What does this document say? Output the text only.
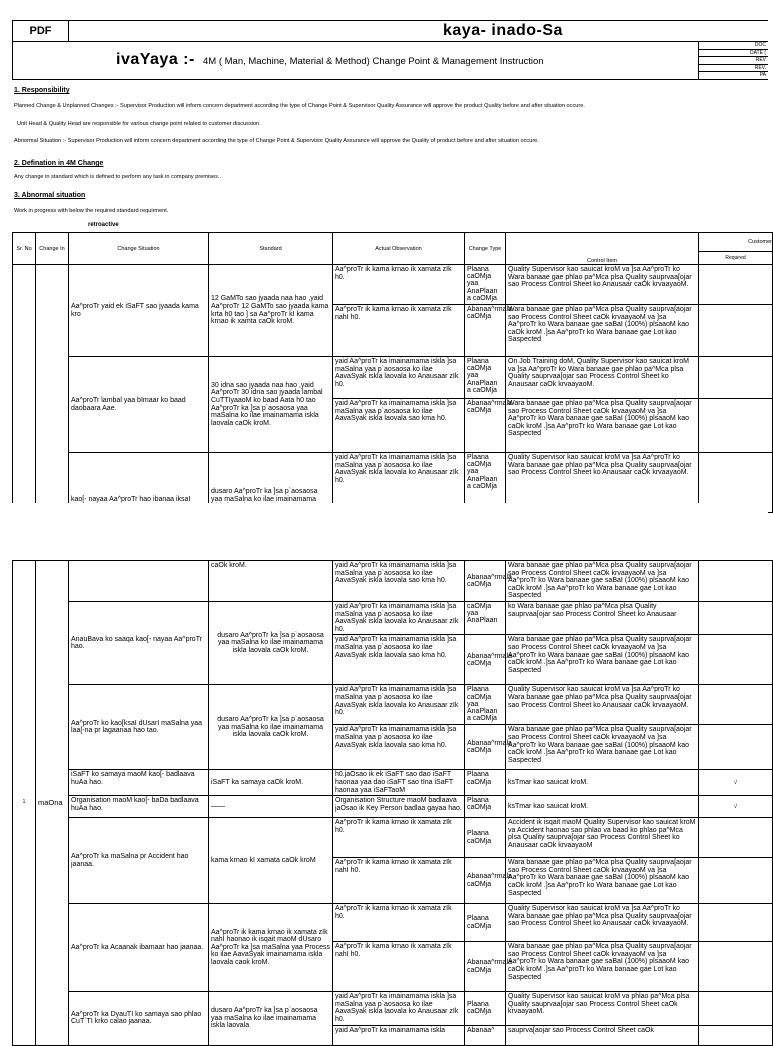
PDF	kaya- inado-Sa
ivaYaya :- 4M ( Man, Machine, Material & Method) Change Point & Management Instruction
DOC
DATE (
REV
REV.
PA
1. Responsibility
Planned Change & Unplanned Changes :- Supervisor Production will inform concern department according the type of Change Point & Supervisor Quality Assurance will approve the product Quality before and after situation occure.
Unit Head & Quality Head are responsible for various change point related to customer discussion.
Abnormal Situation :- Supervisor Production will inform concern department according the type of Change Point & Supervisor Quality Assurance will approve the Quality of product before and after situation occure.
2. Defination in 4M Change
Any change in standard which is defined to perform any task in company premises..
3. Abnormal situation
Work in progress with below the required standard requirment.
retroactive
Sr. No	Change In	Change Situation	Standard	Actual Observation	Change Type	Control Item	Customer
							Required
		Aa^proTr yaid ek iSaFT sao jyaada kama kro	12 GaMTo sao jyaada naa hao ,yaid Aa^proTr 12 GaMTo sao jyaada kama krta h0 tao ] sa Aa^proTr kI kama krnao ik xamta caOk kroM.	Aa^proTr ik kama krnao ik xamata zIk h0.	Plaana caOMja yaa AnaPlaan a caOMja	Quality Supervisor kao sauicat kroM va ]sa Aa^proTr ko Wara banaae gae phlao pa^Mca plsa Quality sauprvaa[ojar sao Process Control Sheet ko Anausaar caOk krvaayaoM.	
				Aa^proTr ik kama krnao ik xamata zIk nahI h0.	Abanaa^rmala caOMja	Wara banaae gae phlao pa^Mca plsa Quality sauprva[aojar sao Process Control Sheet caOk krvaayaoM va ]sa Aa^proTr ko Wara banaae gae saBaI (100%) plsaaoM kao caOk kroM .]sa Aa^proTr ko Wara banaae gae Lot kao Saspected	
		Aa^proTr lambal yaa bImaar ko baad daobaara Aae.	30 idna sao jyaada naa hao ,yaid Aa^proTr 30 idna sao jyaada lambal CuTTIyaaoM ko baad Aata h0 tao Aa^proTr ka ]sa p`aosaosa yaa maSalna ko ilae imainamama iskla laovala caOk kroM.	yaid Aa^proTr ka imainamama iskla ]sa maSalna yaa p`aosaosa ko ilae AavaSyak iskla laovala ko Anausaar zIk h0.	Plaana caOMja yaa AnaPlaan a caOMja	On Job Training doM, Quality Supervisor kao sauicat kroM va ]sa Aa^proTr ko Wara banaae gae phlao pa^Mca plsa Quality sauprvaa[ojar sao Process Control Sheet ko Anausaar caOk krvaayaoM.	
				yaid Aa^proTr ka imainamama iskla ]sa maSalna yaa p`aosaosa ko ilae AavaSyak iskla laovala sao kma h0.	Abanaa^rmala caOMja	Wara banaae gae phlao pa^Mca plsa Quality sauprva[aojar sao Process Control Sheet caOk krvaayaoM va ]sa Aa^proTr ko Wara banaae gae saBaI (100%) plsaaoM kao caOk kroM .]sa Aa^proTr ko Wara banaae gae Lot kao Saspected	
		kao[- nayaa Aa^proTr hao ibanaa iksaI	dusaro Aa^proTr ka ]sa p`aosaosa yaa maSalna ko ilae imainamama	yaid Aa^proTr ka imainamama iskla ]sa maSalna yaa p`aosaosa ko ilae AavaSyak iskla laovala ko Anausaar zIk h0.	Plaana caOMja yaa AnaPlaan a caOMja	Quality Supervisor kao sauicat kroM va ]sa Aa^proTr ko Wara banaae gae phlao pa^Mca plsa Quality sauprvaa[ojar sao Process Control Sheet ko Anausaar caOk krvaayaoM.	
1	maOna		caOk kroM.	yaid Aa^proTr ka imainamama iskla ]sa maSalna yaa p`aosaosa ko ilae AavaSyak iskla laovala sao kma h0.	Abanaa^rmala caOMja	Wara banaae gae phlao pa^Mca plsa Quality sauprva[aojar sao Process Control Sheet caOk krvaayaoM va ]sa Aa^proTr ko Wara banaae gae saBaI (100%) plsaaoM kao caOk kroM .]sa Aa^proTr ko Wara banaae gae Lot kao Saspected	
		AnauBava ko saaqa kao[- nayaa Aa^proTr hao.	dusaro Aa^proTr ka ]sa p`aosaosa yaa maSalna ko ilae imainamama iskla laovala caOk kroM.	yaid Aa^proTr ka imainamama iskla ]sa maSalna yaa p`aosaosa ko ilae AavaSyak iskla laovala ko Anausaar zIk h0.	caOMja yaa AnaPlaan	ko Wara banaae gae phlao pa^Mca plsa Quality sauprvaa[ojar sao Process Control Sheet ko Anausaar	
				yaid Aa^proTr ka imainamama iskla ]sa maSalna yaa p`aosaosa ko ilae AavaSyak iskla laovala sao kma h0.	Abanaa^rmala caOMja	Wara banaae gae phlao pa^Mca plsa Quality sauprva[aojar sao Process Control Sheet caOk krvaayaoM va ]sa Aa^proTr ko Wara banaae gae saBaI (100%) plsaaoM kao caOk kroM .]sa Aa^proTr ko Wara banaae gae Lot kao Saspected	
		Aa^proTr ko kao[ksaI dUsarI maSalna yaa laa[-na pr lagaanaa hao tao.	dusaro Aa^proTr ka ]sa p`aosaosa yaa maSalna ko ilae imainamama iskla laovala caOk kroM.	yaid Aa^proTr ka imainamama iskla ]sa maSalna yaa p`aosaosa ko ilae AavaSyak iskla laovala ko Anausaar zIk h0.	Plaana caOMja yaa AnaPlaan a caOMja	Quality Supervisor kao sauicat kroM va ]sa Aa^proTr ko Wara banaae gae phlao pa^Mca plsa Quality sauprvaa[ojar sao Process Control Sheet ko Anausaar caOk krvaayaoM.	
				yaid Aa^proTr ka imainamama iskla ]sa maSalna yaa p`aosaosa ko ilae AavaSyak iskla laovala sao kma h0.	Abanaa^rmala caOMja	Wara banaae gae phlao pa^Mca plsa Quality sauprva[aojar sao Process Control Sheet caOk krvaayaoM va ]sa Aa^proTr ko Wara banaae gae saBaI (100%) plsaaoM kao caOk kroM .]sa Aa^proTr ko Wara banaae gae Lot kao Saspected	
		iSaFT ko samaya maoM kao[- badlaava huAa hao.	iSaFT ka samaya caOk kroM.	h0.jaOsao ik ek iSaFT sao dao iSaFT haonaa yaa dao iSaFT sao tIna iSaFT haonaa yaa iSaFTaoM	Plaana caOMja	ksTmar kao sauicat kroM.	√
		Organisation maoM kao[- baDa badlaava huAa hao.	——	Organisation Structure maoM badlaava jaOsao ik Key Person badlaa gayaa hao.	Plaana caOMja	ksTmar kao sauicat kroM.	√
		Aa^proTr ka maSalna pr Accident hao jaanaa.	kama krnao kI xamata caOk kroM	Aa^proTr ik kama krnao ik xamata zIk h0.	Plaana caOMja	Accident ik isqait maoM Quality Supervisor kao sauicat kroM va Accident haonao sao phlao va baad ko phlao pa^Mca plsa Quality sauprva[ojar sao Process Control Sheet ko Anausaar caOk krvaayaoM	
				Aa^proTr ik kama krnao ik xamata zIk nahI h0.	Abanaa^rmala caOMja	Wara banaae gae phlao pa^Mca plsa Quality sauprva[aojar sao Process Control Sheet caOk krvaayaoM va ]sa Aa^proTr ko Wara banaae gae saBaI (100%) plsaaoM kao caOk kroM .]sa Aa^proTr ko Wara banaae gae Lot kao Saspected	
		Aa^proTr ka Acaanak ibamaar hao jaanaa.	Aa^proTr ik kama krnao ik xamata zIk nahI haonao ik isqait maoM dUsaro Aa^proTr ka ]sa maSalna yaa Process ko ilae AavaSyak imainamama iskla laovala caok kroM.	Aa^proTr ik kama krnao ik xamata zIk h0.	Plaana caOMja	Quality Supervisor kao sauicat kroM va ]sa Aa^proTr ko Wara banaae gae phlao pa^Mca plsa Quality sauprvaa[ojar sao Process Control Sheet ko Anausaar caOk krvaayaoM.	
				Aa^proTr ik kama krnao ik xamata zIk nahI h0.	Abanaa^rmala caOMja	Wara banaae gae phlao pa^Mca plsa Quality sauprva[aojar sao Process Control Sheet caOk krvaayaoM va ]sa Aa^proTr ko Wara banaae gae saBaI (100%) plsaaoM kao caOk kroM .]sa Aa^proTr ko Wara banaae gae Lot kao Saspected	
		Aa^proTr ka DyauTI ko samaya sao phlao CuT`TI krko calao jaanaa.	dusaro Aa^proTr ka ]sa p`aosaosa yaa maSalna ko ilae imainamama iskla laovala	yaid Aa^proTr ka imainamama iskla ]sa maSalna yaa p`aosaosa ko ilae AavaSyak iskla laovala ko Anausaar zIk h0.	Plaana caOMja	Quality Supervisor kao sauicat kroM va phlao pa^Mca plsa Quality sauprvaa[ojar sao Process Control Sheet caOk krvaayaoM.	
				yaid Aa^proTr ka imainamama iskla	Abanaa^	sauprva[aojar sao Process Control Sheet caOk	
